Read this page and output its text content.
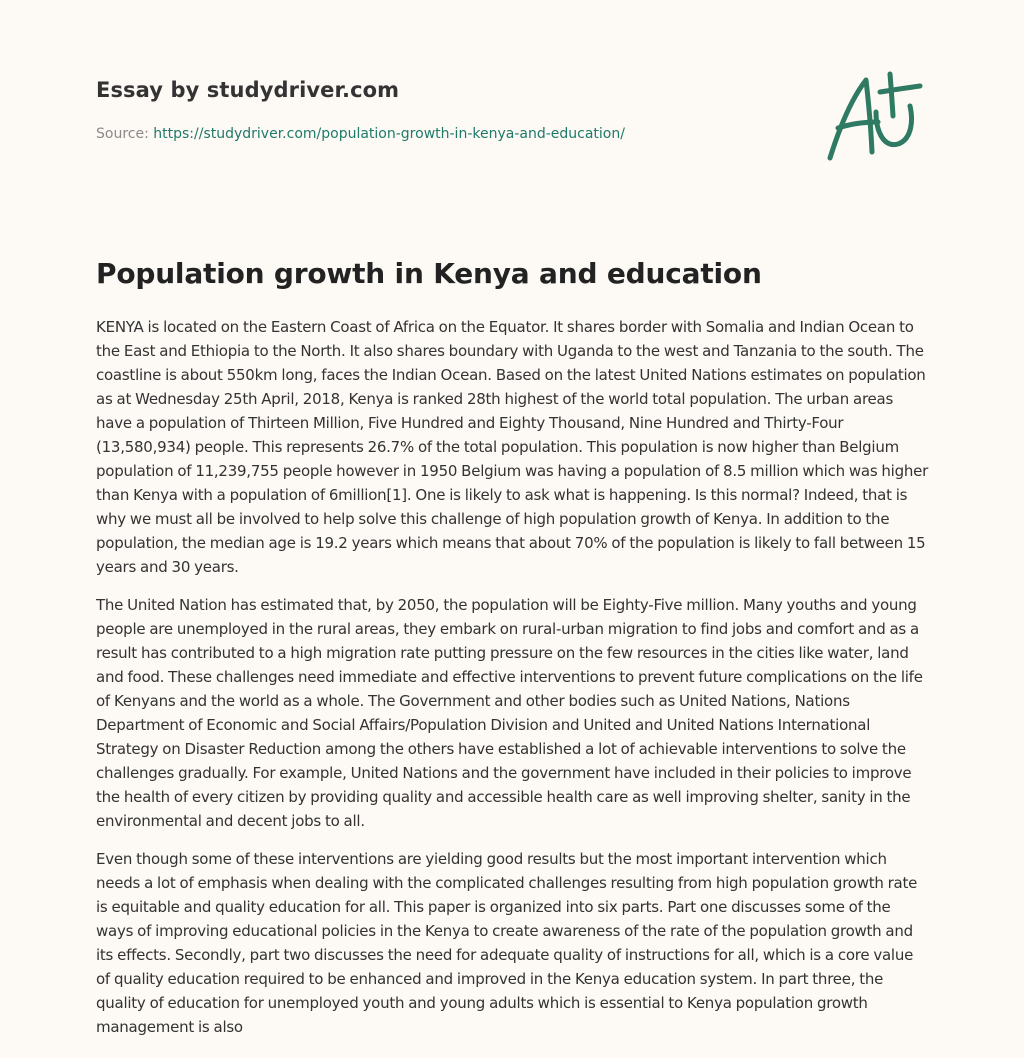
Essay by studydriver.com
Source: https://studydriver.com/population-growth-in-kenya-and-education/
Population growth in Kenya and education

KENYA is located on the Eastern Coast of Africa on the Equator. It shares border with Somalia and Indian Ocean to the East and Ethiopia to the North. It also shares boundary with Uganda to the west and Tanzania to the south. The coastline is about 550km long, faces the Indian Ocean. Based on the latest United Nations estimates on population as at Wednesday 25th April, 2018, Kenya is ranked 28th highest of the world total population. The urban areas have a population of Thirteen Million, Five Hundred and Eighty Thousand, Nine Hundred and Thirty-Four (13,580,934) people. This represents 26.7% of the total population. This population is now higher than Belgium population of 11,239,755 people however in 1950 Belgium was having a population of 8.5 million which was higher than Kenya with a population of 6million[1]. One is likely to ask what is happening. Is this normal? Indeed, that is why we must all be involved to help solve this challenge of high population growth of Kenya. In addition to the population, the median age is 19.2 years which means that about 70% of the population is likely to fall between 15 years and 30 years.

The United Nation has estimated that, by 2050, the population will be Eighty-Five million. Many youths and young people are unemployed in the rural areas, they embark on rural-urban migration to find jobs and comfort and as a result has contributed to a high migration rate putting pressure on the few resources in the cities like water, land and food. These challenges need immediate and effective interventions to prevent future complications on the life of Kenyans and the world as a whole. The Government and other bodies such as United Nations, Nations Department of Economic and Social Affairs/Population Division and United and United Nations International Strategy on Disaster Reduction among the others have established a lot of achievable interventions to solve the challenges gradually. For example, United Nations and the government have included in their policies to improve the health of every citizen by providing quality and accessible health care as well improving shelter, sanity in the environmental and decent jobs to all.

Even though some of these interventions are yielding good results but the most important intervention which needs a lot of emphasis when dealing with the complicated challenges resulting from high population growth rate is equitable and quality education for all. This paper is organized into six parts. Part one discusses some of the ways of improving educational policies in the Kenya to create awareness of the rate of the population growth and its effects. Secondly, part two discusses the need for adequate quality of instructions for all, which is a core value of quality education required to be enhanced and improved in the Kenya education system. In part three, the quality of education for unemployed youth and young adults which is essential to Kenya population growth management is also
